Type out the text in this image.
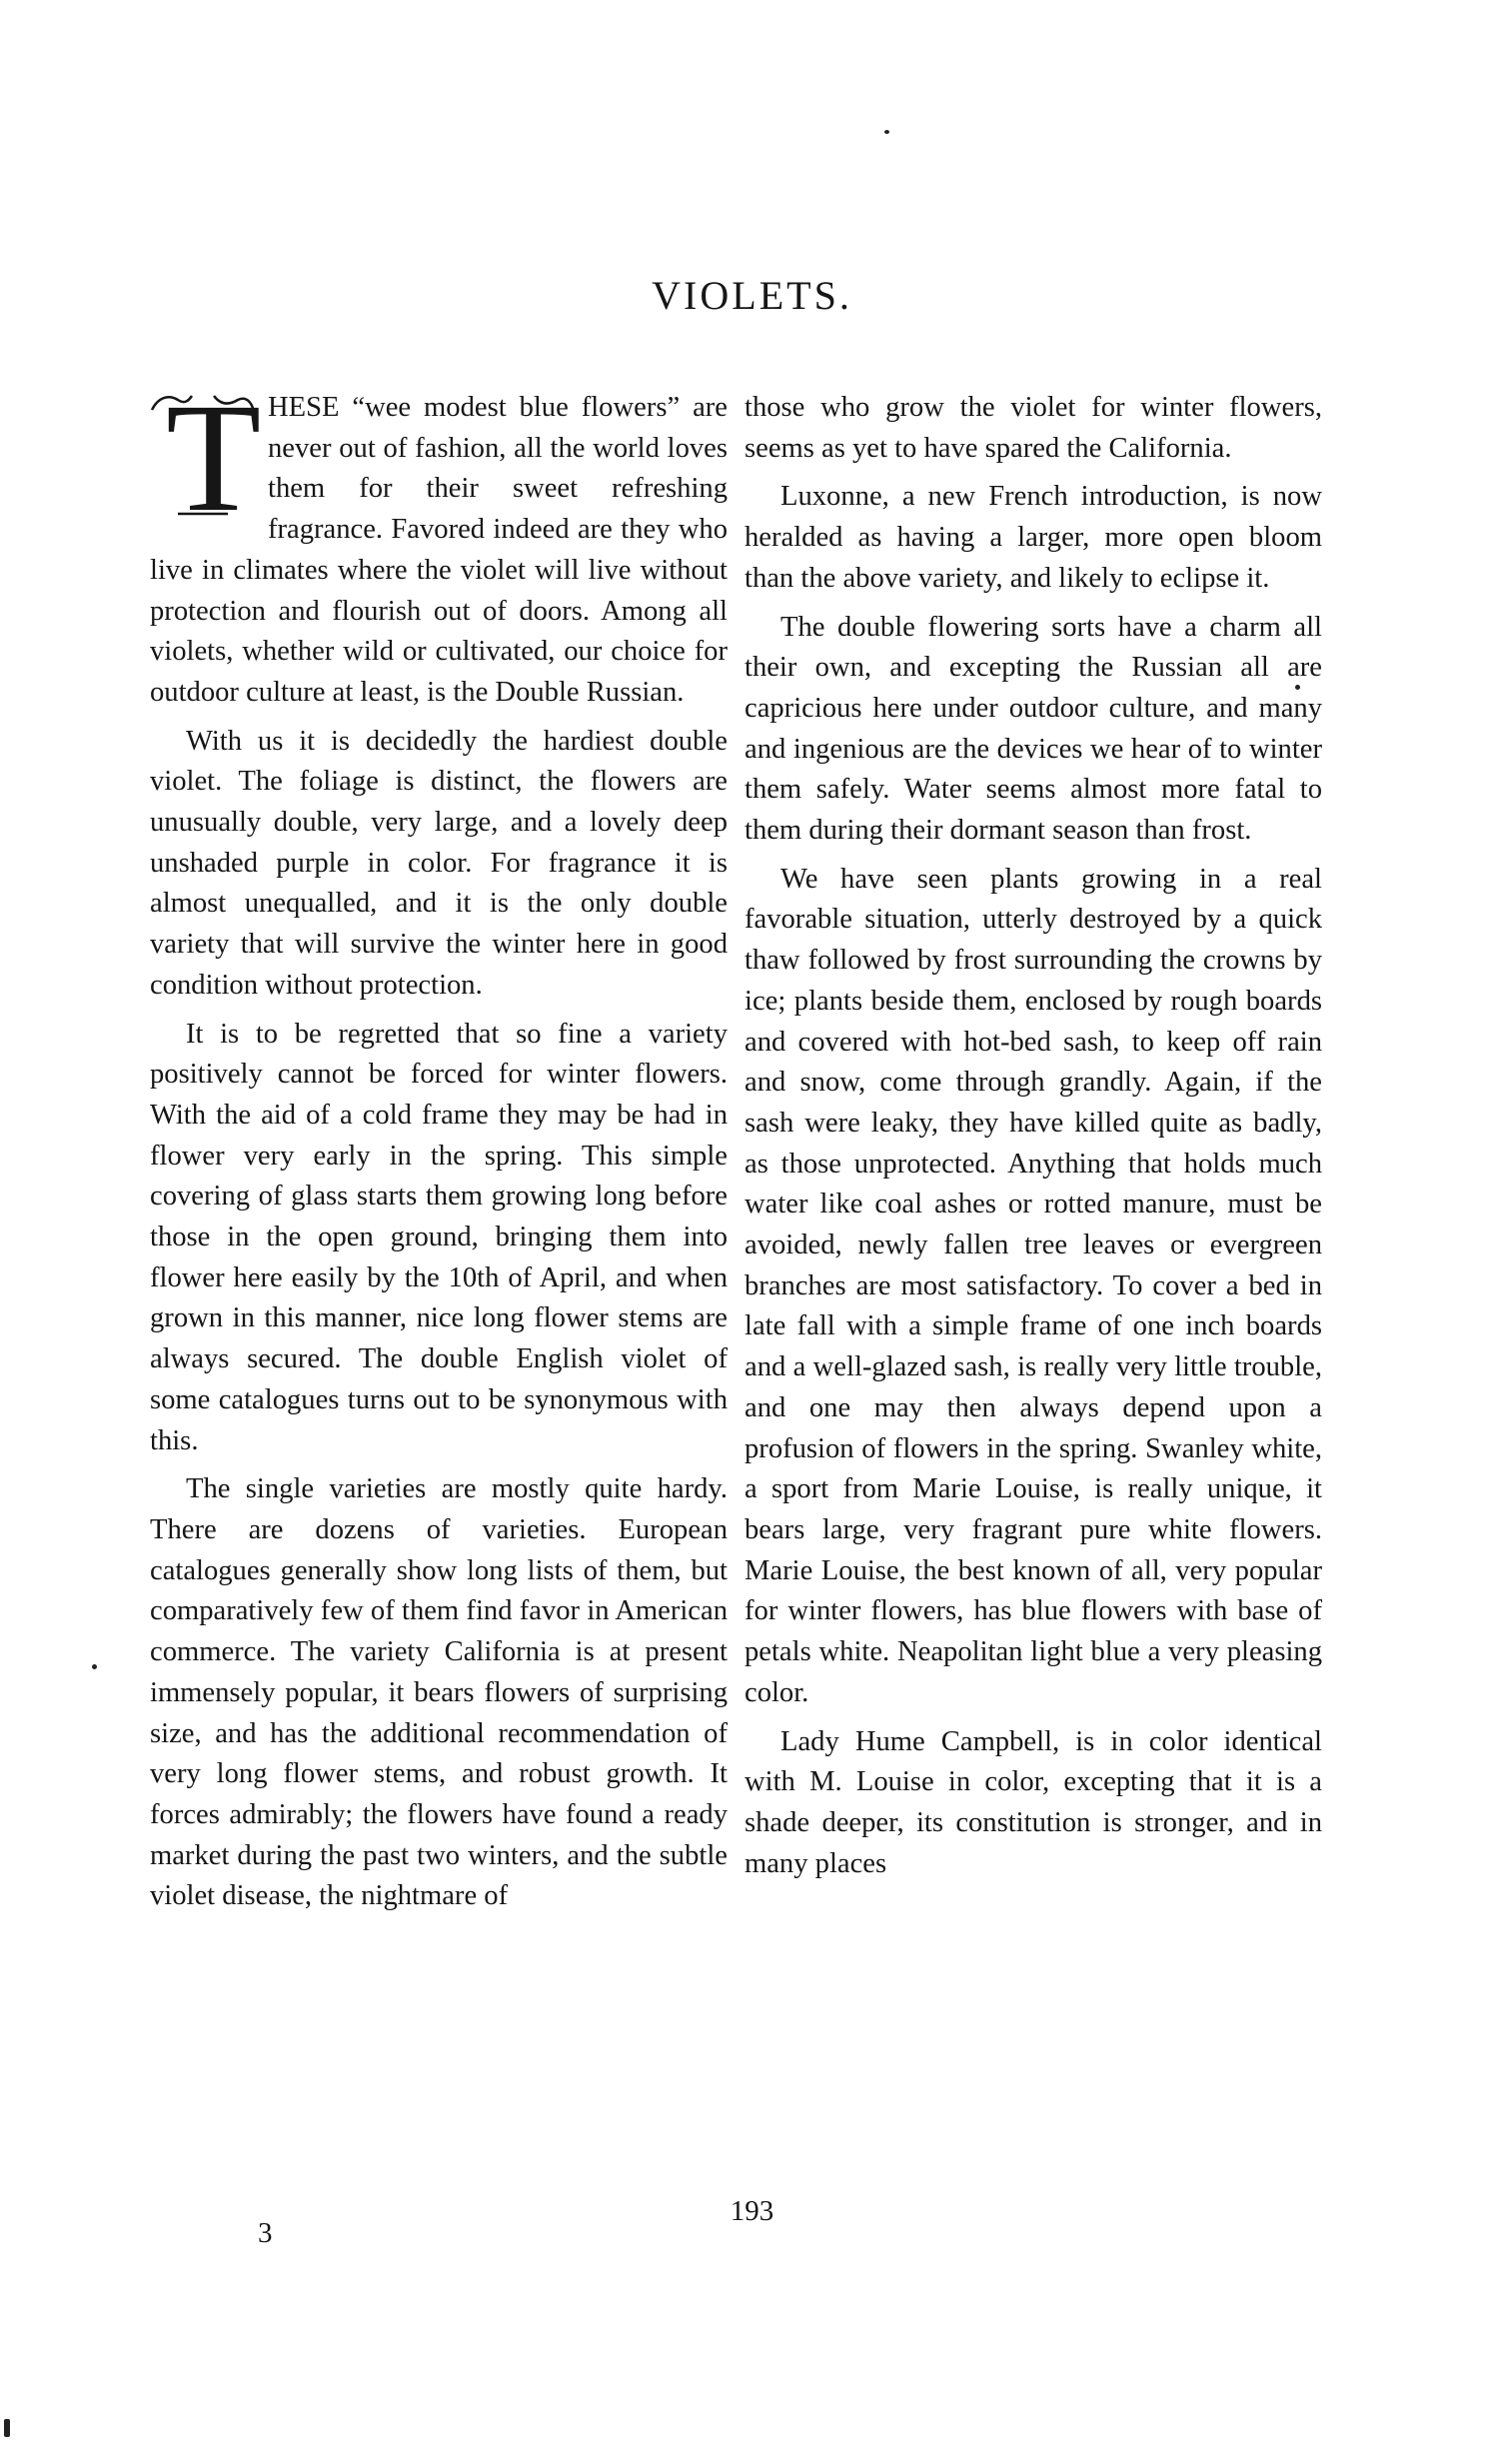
VIOLETS.

T HESE “wee modest blue flowers” are never out of fashion, all the world loves them for their sweet refreshing fragrance. Favored indeed are they who live in climates where the violet will live without protection and flourish out of doors. Among all violets, whether wild or cultivated, our choice for outdoor culture at least, is the Double Russian.

With us it is decidedly the hardiest double violet. The foliage is distinct, the flowers are unusually double, very large, and a lovely deep unshaded purple in color. For fragrance it is almost unequalled, and it is the only double variety that will survive the winter here in good condition without protection.

It is to be regretted that so fine a variety positively cannot be forced for winter flowers. With the aid of a cold frame they may be had in flower very early in the spring. This simple covering of glass starts them growing long before those in the open ground, bringing them into flower here easily by the 10th of April, and when grown in this manner, nice long flower stems are always secured. The double English violet of some catalogues turns out to be synonymous with this.

The single varieties are mostly quite hardy. There are dozens of varieties. European catalogues generally show long lists of them, but comparatively few of them find favor in American commerce. The variety California is at present immensely popular, it bears flowers of surprising size, and has the additional recommendation of very long flower stems, and robust growth. It forces admirably; the flowers have found a ready market during the past two winters, and the subtle violet disease, the nightmare of

those who grow the violet for winter flowers, seems as yet to have spared the California.

Luxonne, a new French introduction, is now heralded as having a larger, more open bloom than the above variety, and likely to eclipse it.

The double flowering sorts have a charm all their own, and excepting the Russian all are capricious here under outdoor culture, and many and ingenious are the devices we hear of to winter them safely. Water seems almost more fatal to them during their dormant season than frost.

We have seen plants growing in a real favorable situation, utterly destroyed by a quick thaw followed by frost surrounding the crowns by ice; plants beside them, enclosed by rough boards and covered with hot-bed sash, to keep off rain and snow, come through grandly. Again, if the sash were leaky, they have killed quite as badly, as those unprotected. Anything that holds much water like coal ashes or rotted manure, must be avoided, newly fallen tree leaves or evergreen branches are most satisfactory. To cover a bed in late fall with a simple frame of one inch boards and a well-glazed sash, is really very little trouble, and one may then always depend upon a profusion of flowers in the spring. Swanley white, a sport from Marie Louise, is really unique, it bears large, very fragrant pure white flowers. Marie Louise, the best known of all, very popular for winter flowers, has blue flowers with base of petals white. Neapolitan light blue a very pleasing color.

Lady Hume Campbell, is in color identical with M. Louise in color, excepting that it is a shade deeper, its constitution is stronger, and in many places

3
193
